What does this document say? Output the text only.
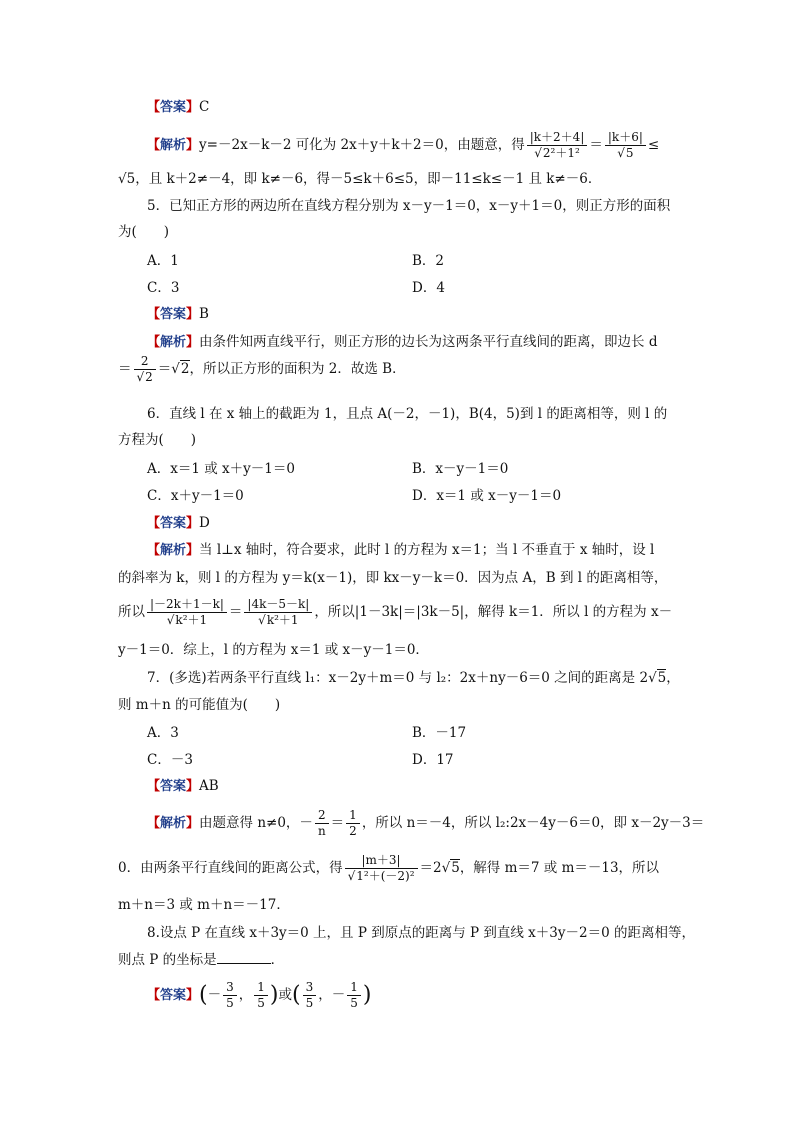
【答案】C
【解析】y=－2x－k－2 可化为 2x＋y＋k＋2＝0，由题意，得 $\frac{|k+2+4|}{\text{√2²＋1²}} = \frac{|k+6|}{√5}$ ≤
√5，且 k＋2≠－4，即 k≠－6，得－5≤k＋6≤5，即－11≤k≤－1 且 k≠－6．
5．已知正方形的两边所在直线方程分别为 x－y－1＝0，x－y＋1＝0，则正方形的面积
为(　　)
A．1	B．2
C．3	D．4
【答案】B
【解析】由条件知两直线平行，则正方形的边长为这两条平行直线间的距离，即边长 d
＝ $\frac{2}{√2} =√2$，所以正方形的面积为 2．故选 B．
6．直线 l 在 x 轴上的截距为 1，且点 A(－2，－1)，B(4，5)到 l 的距离相等，则 l 的
方程为(　　)
A．x＝1 或 x＋y－1＝0	B．x－y－1＝0
C．x＋y－1＝0	D．x＝1 或 x－y－1＝0
【答案】D
【解析】当 l⊥x 轴时，符合要求，此时 l 的方程为 x＝1；当 l 不垂直于 x 轴时，设 l
的斜率为 k，则 l 的方程为 y＝k(x－1)，即 kx－y－k＝0．因为点 A，B 到 l 的距离相等，
所以 $\frac{|-2k+1-k|}{\text{√k²＋1}} = \frac{|4k-5-k|}{\text{√k²＋1}}$ ，所以|1－3k|＝|3k－5|，解得 k＝1．所以 l 的方程为 x－
y－1＝0．综上，l 的方程为 x＝1 或 x－y－1＝0．
7．(多选)若两条平行直线 l₁：x－2y＋m＝0 与 l₂：2x＋ny－6＝0 之间的距离是 2√5，
则 m＋n 的可能值为(　　)
A．3	B．－17
C．－3	D．17
【答案】AB
【解析】由题意得 n≠0，－ $\frac{2}{n} = \frac{1}{2}$ ，所以 n＝－4，所以 l₂:2x－4y－6＝0，即 x－2y－3＝
0．由两条平行直线间的距离公式，得 $\frac{|m+3|}{\text{√1²＋(－2)²}} =2√5$，解得 m＝7 或 m＝－13，所以
m＋n＝3 或 m＋n＝－17．
8.设点 P 在直线 x＋3y＝0 上，且 P 到原点的距离与 P 到直线 x＋3y－2＝0 的距离相等，
则点 P 的坐标是	．
【答案】(－ $\frac{3}{5}$ ， $\frac{1}{5}$ )或( $\frac{3}{5}$ ，－ $\frac{1}{5}$ )
